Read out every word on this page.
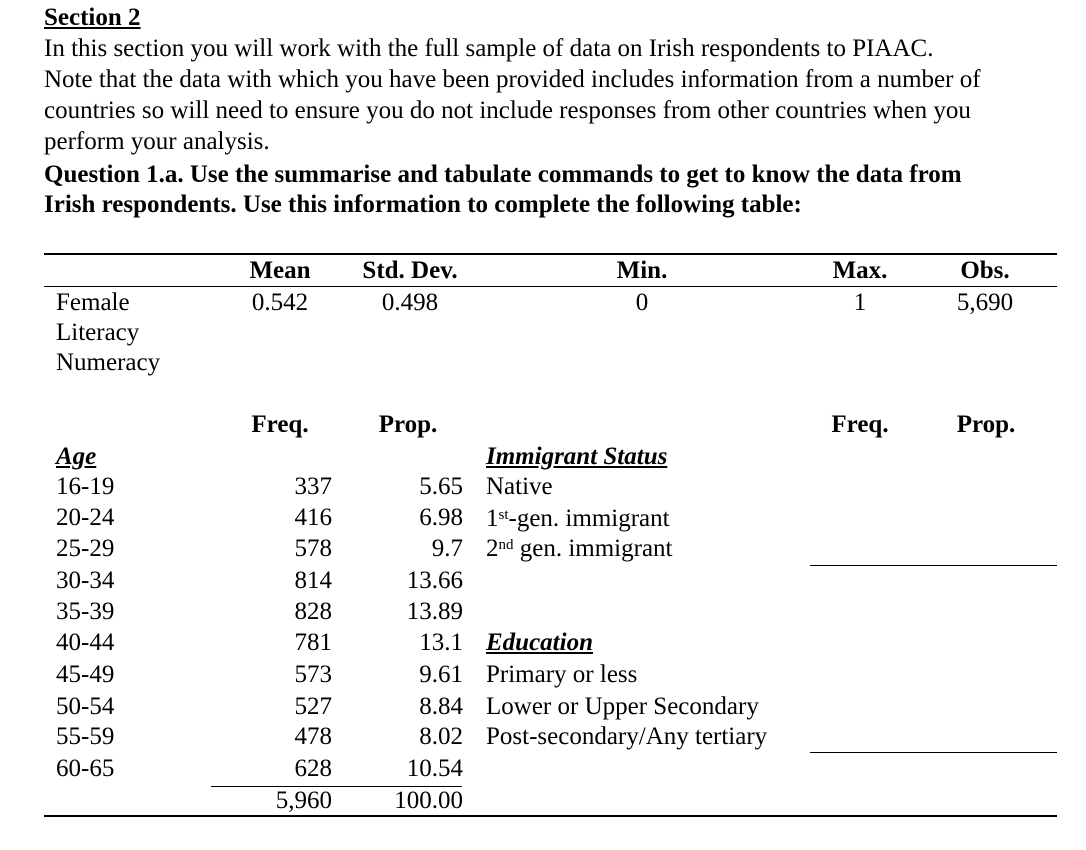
Section 2
In this section you will work with the full sample of data on Irish respondents to PIAAC.
Note that the data with which you have been provided includes information from a number of
countries so will need to ensure you do not include responses from other countries when you
perform your analysis.
Question 1.a. Use the summarise and tabulate commands to get to know the data from
Irish respondents. Use this information to complete the following table:
Mean	Std. Dev.	Min.	Max.	Obs.
Female	0.542	0.498	0	1	5,690
Literacy
Numeracy
Freq.	Prop.	Freq.	Prop.
Age
16-19	337	5.65
20-24	416	6.98
25-29	578	9.7
30-34	814	13.66
35-39	828	13.89
40-44	781	13.1
45-49	573	9.61
50-54	527	8.84
55-59	478	8.02
60-65	628	10.54
5,960	100.00
Immigrant Status
Native
1st-gen. immigrant
2nd gen. immigrant
Education
Primary or less
Lower or Upper Secondary
Post-secondary/Any tertiary
